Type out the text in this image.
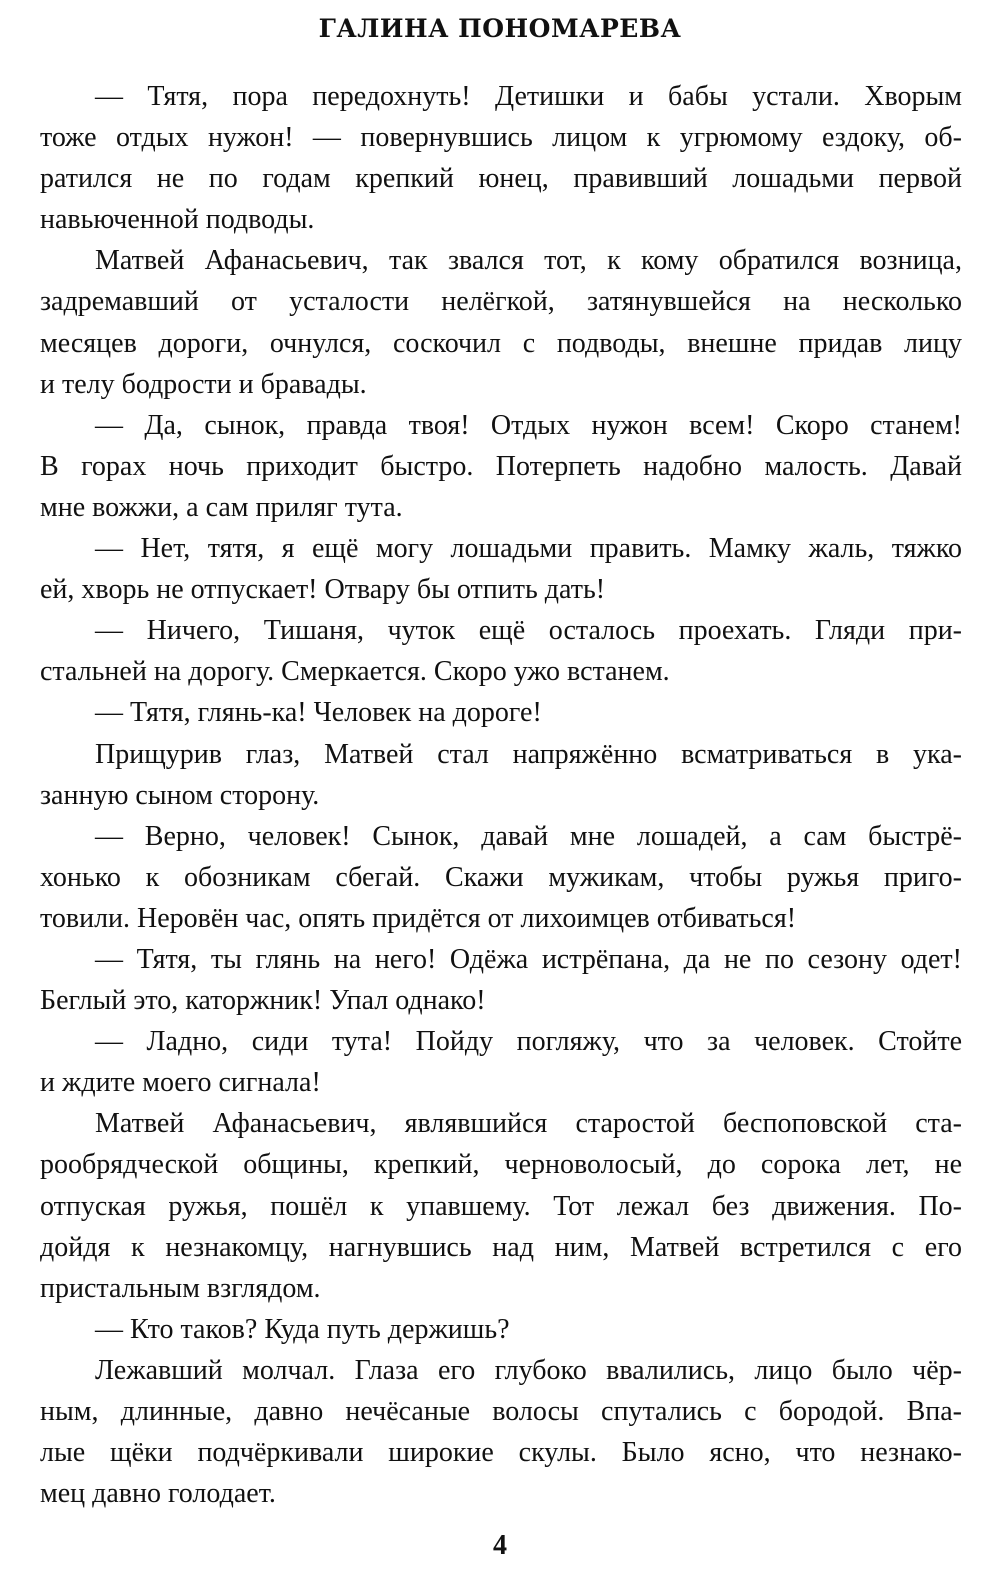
ГАЛИНА ПОНОМАРЕВА
— Тятя, пора передохнуть! Детишки и бабы устали. Хворым
тоже отдых нужон! — повернувшись лицом к угрюмому ездоку, об-
ратился не по годам крепкий юнец, правивший лошадьми первой
навьюченной подводы.
Матвей Афанасьевич, так звался тот, к кому обратился возница,
задремавший от усталости нелёгкой, затянувшейся на несколько
месяцев дороги, очнулся, соскочил с подводы, внешне придав лицу
и телу бодрости и бравады.
— Да, сынок, правда твоя! Отдых нужон всем! Скоро станем!
В горах ночь приходит быстро. Потерпеть надобно малость. Давай
мне вожжи, а сам приляг тута.
— Нет, тятя, я ещё могу лошадьми править. Мамку жаль, тяжко
ей, хворь не отпускает! Отвару бы отпить дать!
— Ничего, Тишаня, чуток ещё осталось проехать. Гляди при-
стальней на дорогу. Смеркается. Скоро ужо встанем.
— Тятя, глянь-ка! Человек на дороге!
Прищурив глаз, Матвей стал напряжённо всматриваться в ука-
занную сыном сторону.
— Верно, человек! Сынок, давай мне лошадей, а сам быстрё-
хонько к обозникам сбегай. Скажи мужикам, чтобы ружья приго-
товили. Неровён час, опять придётся от лихоимцев отбиваться!
— Тятя, ты глянь на него! Одёжа истрёпана, да не по сезону одет!
Беглый это, каторжник! Упал однако!
— Ладно, сиди тута! Пойду погляжу, что за человек. Стойте
и ждите моего сигнала!
Матвей Афанасьевич, являвшийся старостой беспоповской ста-
рообрядческой общины, крепкий, черноволосый, до сорока лет, не
отпуская ружья, пошёл к упавшему. Тот лежал без движения. По-
дойдя к незнакомцу, нагнувшись над ним, Матвей встретился с его
пристальным взглядом.
— Кто таков? Куда путь держишь?
Лежавший молчал. Глаза его глубоко ввалились, лицо было чёр-
ным, длинные, давно нечёсаные волосы спутались с бородой. Впа-
лые щёки подчёркивали широкие скулы. Было ясно, что незнако-
мец давно голодает.
4
